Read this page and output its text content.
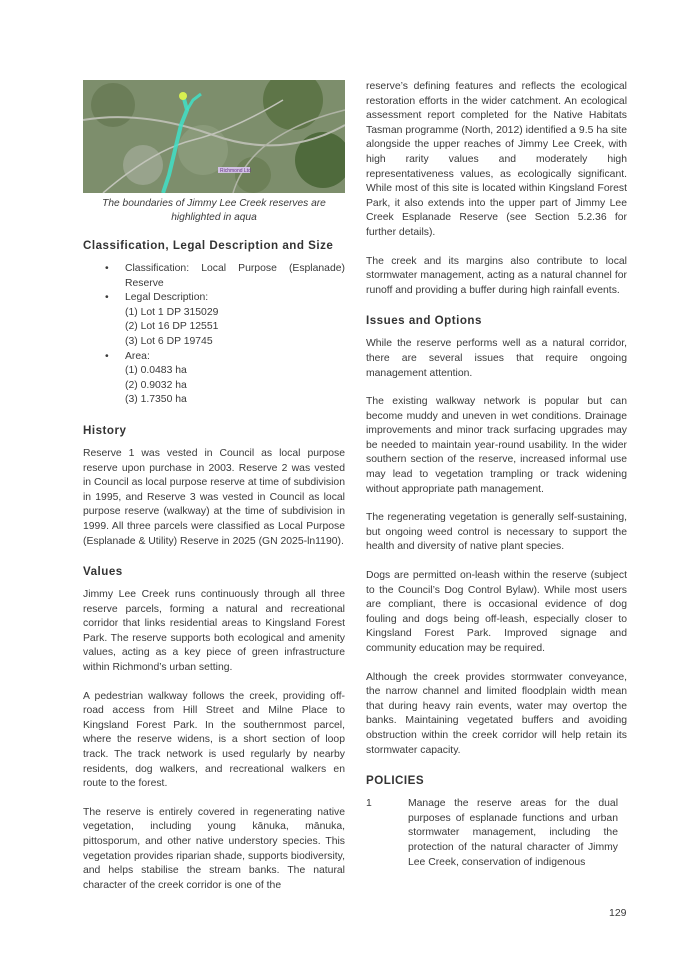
Richmond Ltd
The boundaries of Jimmy Lee Creek reserves are
highlighted in aqua
Classification, Legal Description and Size
• Classification: Local Purpose (Esplanade)
Reserve
• Legal Description:
(1) Lot 1 DP 315029
(2) Lot 16 DP 12551
(3) Lot 6 DP 19745
• Area:
(1) 0.0483 ha
(2) 0.9032 ha
(3) 1.7350 ha
History

Reserve 1 was vested in Council as local purpose reserve upon purchase in 2003. Reserve 2 was vested in Council as local purpose reserve at time of subdivision in 1995, and Reserve 3 was vested in Council as local purpose reserve (walkway) at the time of subdivision in 1999. All three parcels were classified as Local Purpose (Esplanade & Utility) Reserve in 2025 (GN 2025-ln1190).

Values

Jimmy Lee Creek runs continuously through all three reserve parcels, forming a natural and recreational corridor that links residential areas to Kingsland Forest Park. The reserve supports both ecological and amenity values, acting as a key piece of green infrastructure within Richmond’s urban setting.

A pedestrian walkway follows the creek, providing off-road access from Hill Street and Milne Place to Kingsland Forest Park. In the southernmost parcel, where the reserve widens, is a short section of loop track. The track network is used regularly by nearby residents, dog walkers, and recreational walkers en route to the forest.

The reserve is entirely covered in regenerating native vegetation, including young kānuka, mānuka, pittosporum, and other native understory species. This vegetation provides riparian shade, supports biodiversity, and helps stabilise the stream banks. The natural character of the creek corridor is one of the

reserve’s defining features and reflects the ecological restoration efforts in the wider catchment. An ecological assessment report completed for the Native Habitats Tasman programme (North, 2012) identified a 9.5 ha site alongside the upper reaches of Jimmy Lee Creek, with high rarity values and moderately high representativeness values, as ecologically significant. While most of this site is located within Kingsland Forest Park, it also extends into the upper part of Jimmy Lee Creek Esplanade Reserve (see Section 5.2.36 for further details).

The creek and its margins also contribute to local stormwater management, acting as a natural channel for runoff and providing a buffer during high rainfall events.

Issues and Options

While the reserve performs well as a natural corridor, there are several issues that require ongoing management attention.

The existing walkway network is popular but can become muddy and uneven in wet conditions. Drainage improvements and minor track surfacing upgrades may be needed to maintain year-round usability. In the wider southern section of the reserve, increased informal use may lead to vegetation trampling or track widening without appropriate path management.

The regenerating vegetation is generally self-sustaining, but ongoing weed control is necessary to support the health and diversity of native plant species.

Dogs are permitted on-leash within the reserve (subject to the Council’s Dog Control Bylaw). While most users are compliant, there is occasional evidence of dog fouling and dogs being off-leash, especially closer to Kingsland Forest Park. Improved signage and community education may be required.

Although the creek provides stormwater conveyance, the narrow channel and limited floodplain width mean that during heavy rain events, water may overtop the banks. Maintaining vegetated buffers and avoiding obstruction within the creek corridor will help retain its stormwater capacity.

POLICIES
1	Manage the reserve areas for the dual purposes of esplanade functions and urban stormwater management, including the protection of the natural character of Jimmy Lee Creek, conservation of indigenous
129
